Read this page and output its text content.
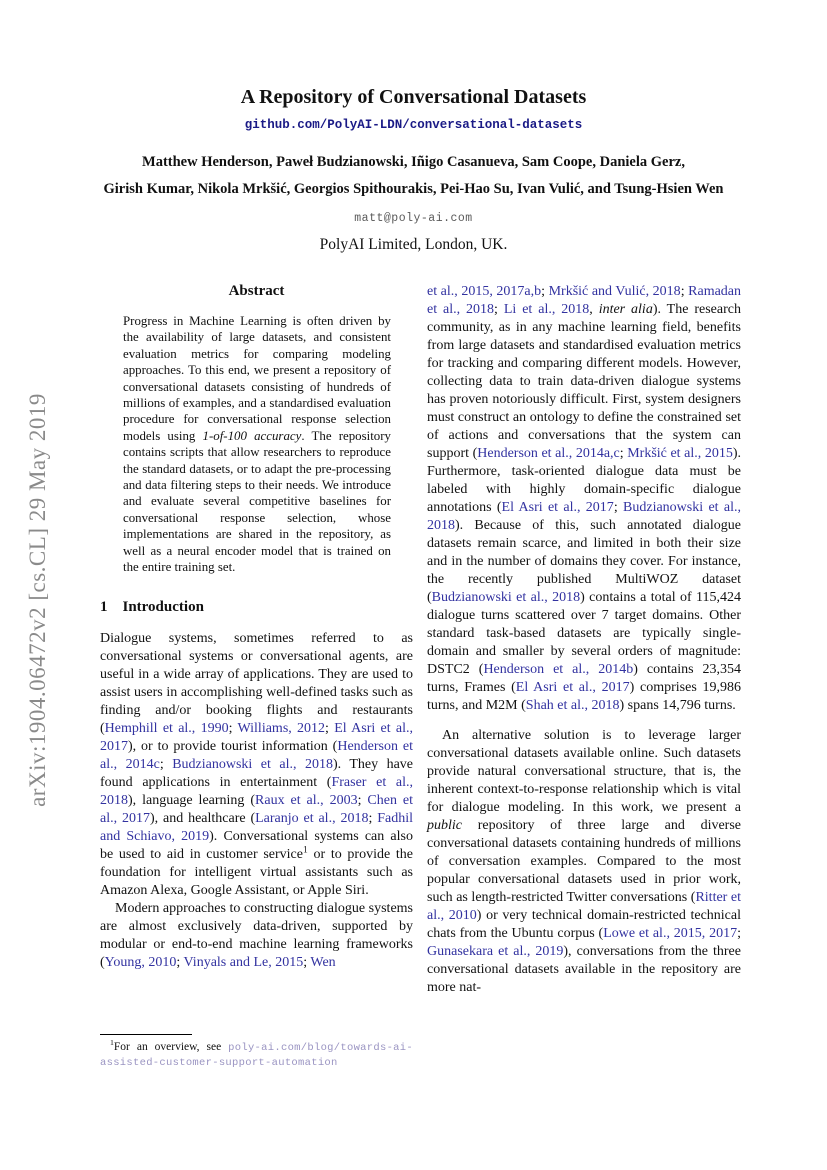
arXiv:1904.06472v2 [cs.CL] 29 May 2019
A Repository of Conversational Datasets
github.com/PolyAI-LDN/conversational-datasets
Matthew Henderson, Paweł Budzianowski, Iñigo Casanueva, Sam Coope, Daniela Gerz,
Girish Kumar, Nikola Mrkšić, Georgios Spithourakis, Pei-Hao Su, Ivan Vulić, and Tsung-Hsien Wen
matt@poly-ai.com
PolyAI Limited, London, UK.
Abstract

Progress in Machine Learning is often driven by the availability of large datasets, and consistent evaluation metrics for comparing modeling approaches. To this end, we present a repository of conversational datasets consisting of hundreds of millions of examples, and a standardised evaluation procedure for conversational response selection models using 1-of-100 accuracy. The repository contains scripts that allow researchers to reproduce the standard datasets, or to adapt the pre-processing and data filtering steps to their needs. We introduce and evaluate several competitive baselines for conversational response selection, whose implementations are shared in the repository, as well as a neural encoder model that is trained on the entire training set.

1 Introduction

Dialogue systems, sometimes referred to as conversational systems or conversational agents, are useful in a wide array of applications. They are used to assist users in accomplishing well-defined tasks such as finding and/or booking flights and restaurants (Hemphill et al., 1990; Williams, 2012; El Asri et al., 2017), or to provide tourist information (Henderson et al., 2014c; Budzianowski et al., 2018). They have found applications in entertainment (Fraser et al., 2018), language learning (Raux et al., 2003; Chen et al., 2017), and healthcare (Laranjo et al., 2018; Fadhil and Schiavo, 2019). Conversational systems can also be used to aid in customer service$^1$ or to provide the foundation for intelligent virtual assistants such as Amazon Alexa, Google Assistant, or Apple Siri.

Modern approaches to constructing dialogue systems are almost exclusively data-driven, supported by modular or end-to-end machine learning frameworks (Young, 2010; Vinyals and Le, 2015; Wen

et al., 2015, 2017a,b; Mrkšić and Vulić, 2018; Ramadan et al., 2018; Li et al., 2018, inter alia). The research community, as in any machine learning field, benefits from large datasets and standardised evaluation metrics for tracking and comparing different models. However, collecting data to train data-driven dialogue systems has proven notoriously difficult. First, system designers must construct an ontology to define the constrained set of actions and conversations that the system can support (Henderson et al., 2014a,c; Mrkšić et al., 2015). Furthermore, task-oriented dialogue data must be labeled with highly domain-specific dialogue annotations (El Asri et al., 2017; Budzianowski et al., 2018). Because of this, such annotated dialogue datasets remain scarce, and limited in both their size and in the number of domains they cover. For instance, the recently published MultiWOZ dataset (Budzianowski et al., 2018) contains a total of 115,424 dialogue turns scattered over 7 target domains. Other standard task-based datasets are typically single-domain and smaller by several orders of magnitude: DSTC2 (Henderson et al., 2014b) contains 23,354 turns, Frames (El Asri et al., 2017) comprises 19,986 turns, and M2M (Shah et al., 2018) spans 14,796 turns.

An alternative solution is to leverage larger conversational datasets available online. Such datasets provide natural conversational structure, that is, the inherent context-to-response relationship which is vital for dialogue modeling. In this work, we present a public repository of three large and diverse conversational datasets containing hundreds of millions of conversation examples. Compared to the most popular conversational datasets used in prior work, such as length-restricted Twitter conversations (Ritter et al., 2010) or very technical domain-restricted technical chats from the Ubuntu corpus (Lowe et al., 2015, 2017; Gunasekara et al., 2019), conversations from the three conversational datasets available in the repository are more nat-

$^1$For an overview, see poly-ai.com/blog/towards-ai-assisted-customer-support-automation
